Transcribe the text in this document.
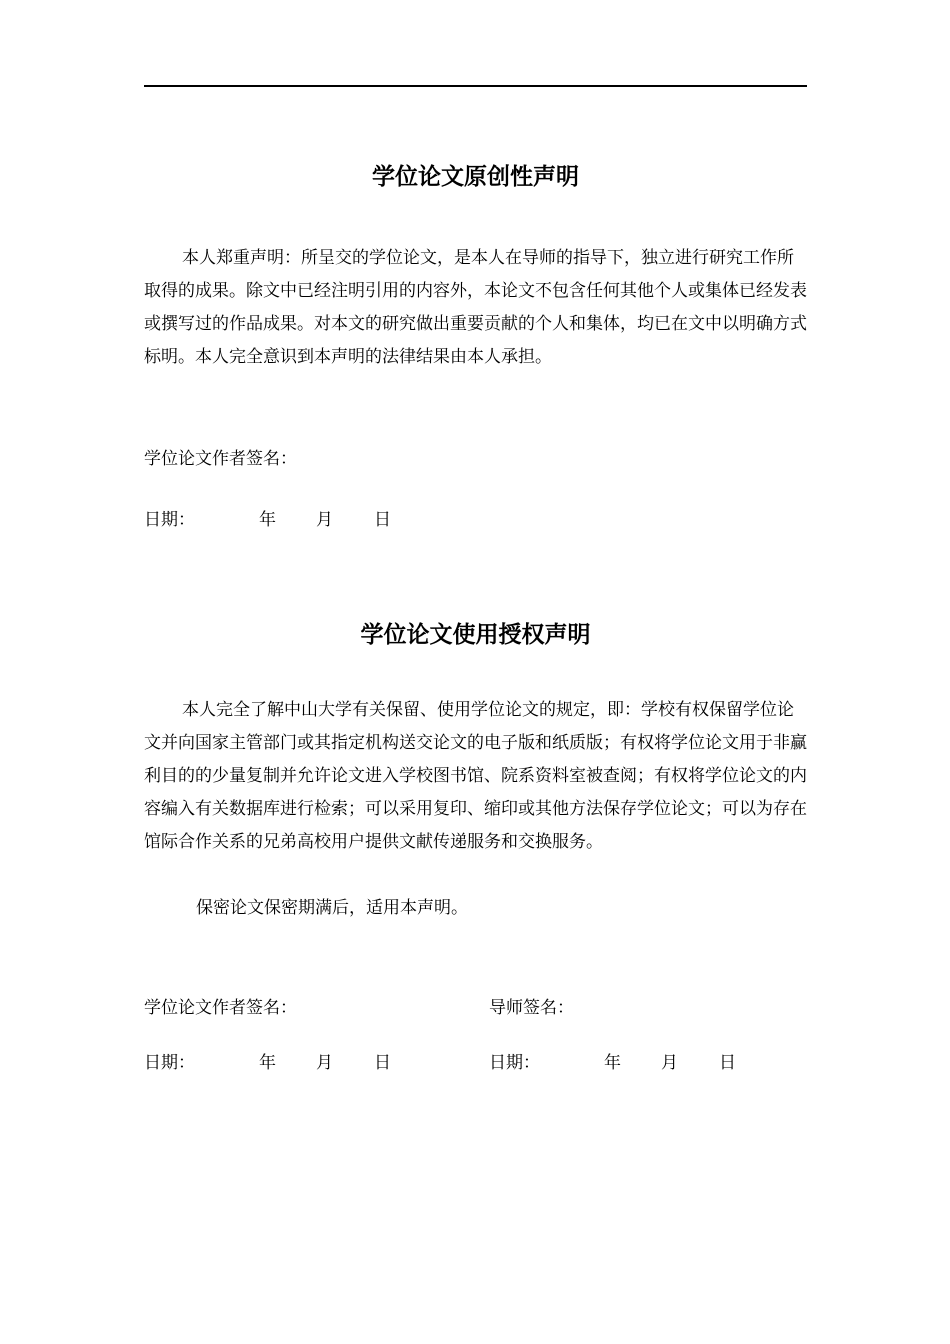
学位论文原创性声明

本人郑重声明：所呈交的学位论文，是本人在导师的指导下，独立进行研究工作所取得的成果。除文中已经注明引用的内容外，本论文不包含任何其他个人或集体已经发表或撰写过的作品成果。对本文的研究做出重要贡献的个人和集体，均已在文中以明确方式标明。本人完全意识到本声明的法律结果由本人承担。

学位论文作者签名：
日期：	年 月 日
学位论文使用授权声明

本人完全了解中山大学有关保留、使用学位论文的规定，即：学校有权保留学位论文并向国家主管部门或其指定机构送交论文的电子版和纸质版；有权将学位论文用于非赢利目的的少量复制并允许论文进入学校图书馆、院系资料室被查阅；有权将学位论文的内容编入有关数据库进行检索；可以采用复印、缩印或其他方法保存学位论文；可以为存在馆际合作关系的兄弟高校用户提供文献传递服务和交换服务。

保密论文保密期满后，适用本声明。
学位论文作者签名：	导师签名：
日期：	年 月 日	日期：	年 月 日
